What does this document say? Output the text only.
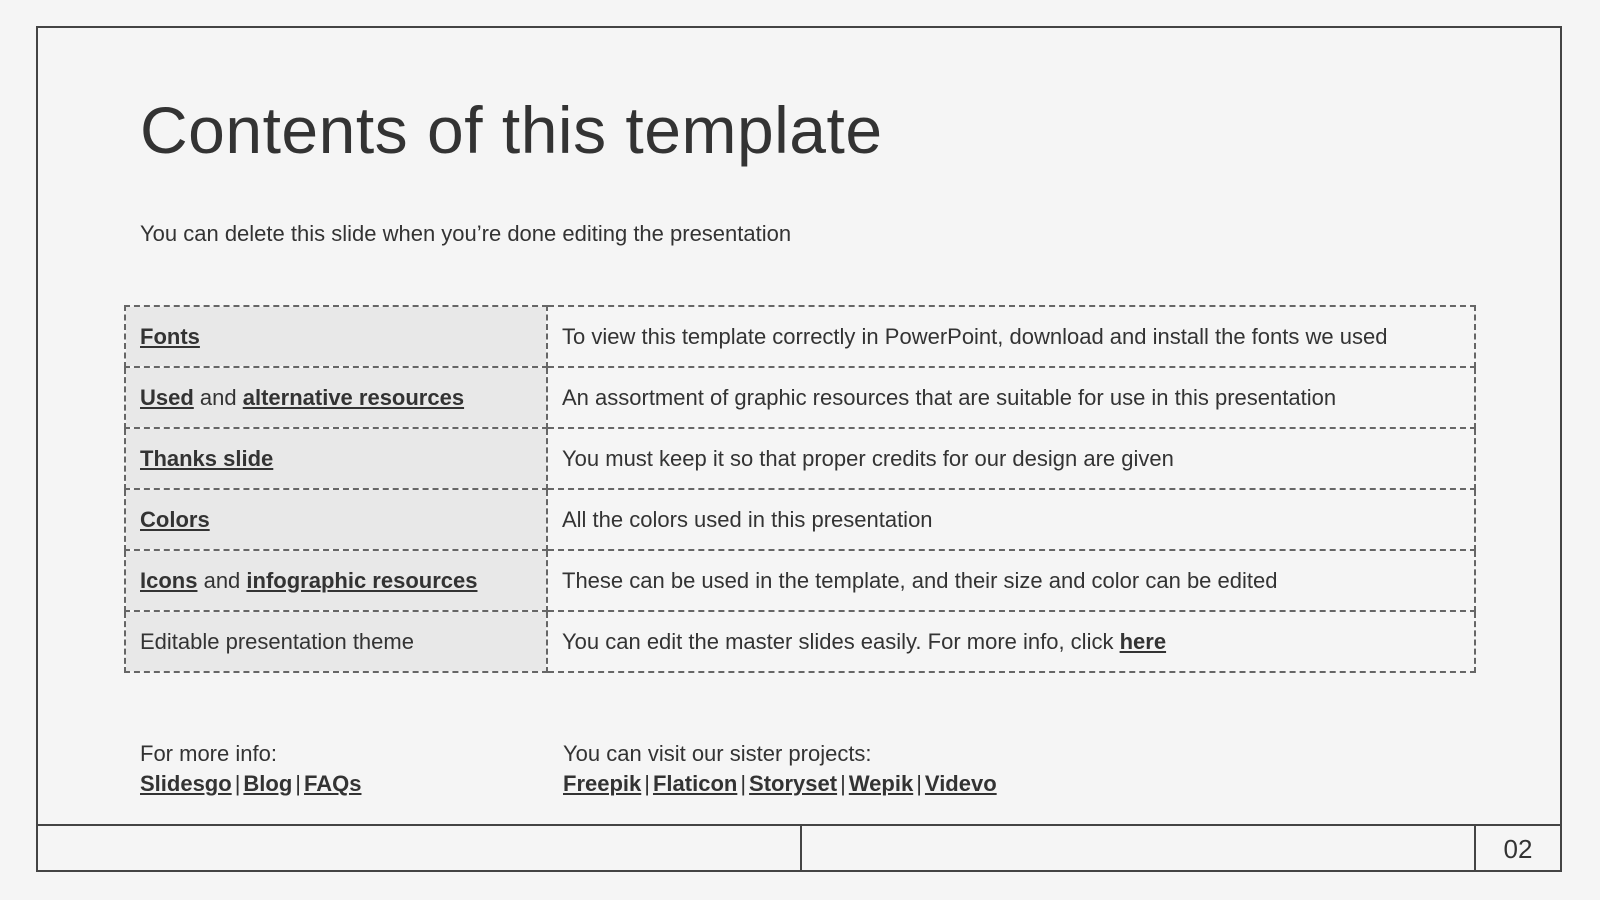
Contents of this template

You can delete this slide when you’re done editing the presentation

Fonts	To view this template correctly in PowerPoint, download and install the fonts we used
Used and alternative resources	An assortment of graphic resources that are suitable for use in this presentation
Thanks slide	You must keep it so that proper credits for our design are given
Colors	All the colors used in this presentation
Icons and infographic resources	These can be used in the template, and their size and color can be edited
Editable presentation theme	You can edit the master slides easily. For more info, click here
For more info:
Slidesgo | Blog | FAQs
You can visit our sister projects:
Freepik | Flaticon | Storyset | Wepik | Videvo
02
